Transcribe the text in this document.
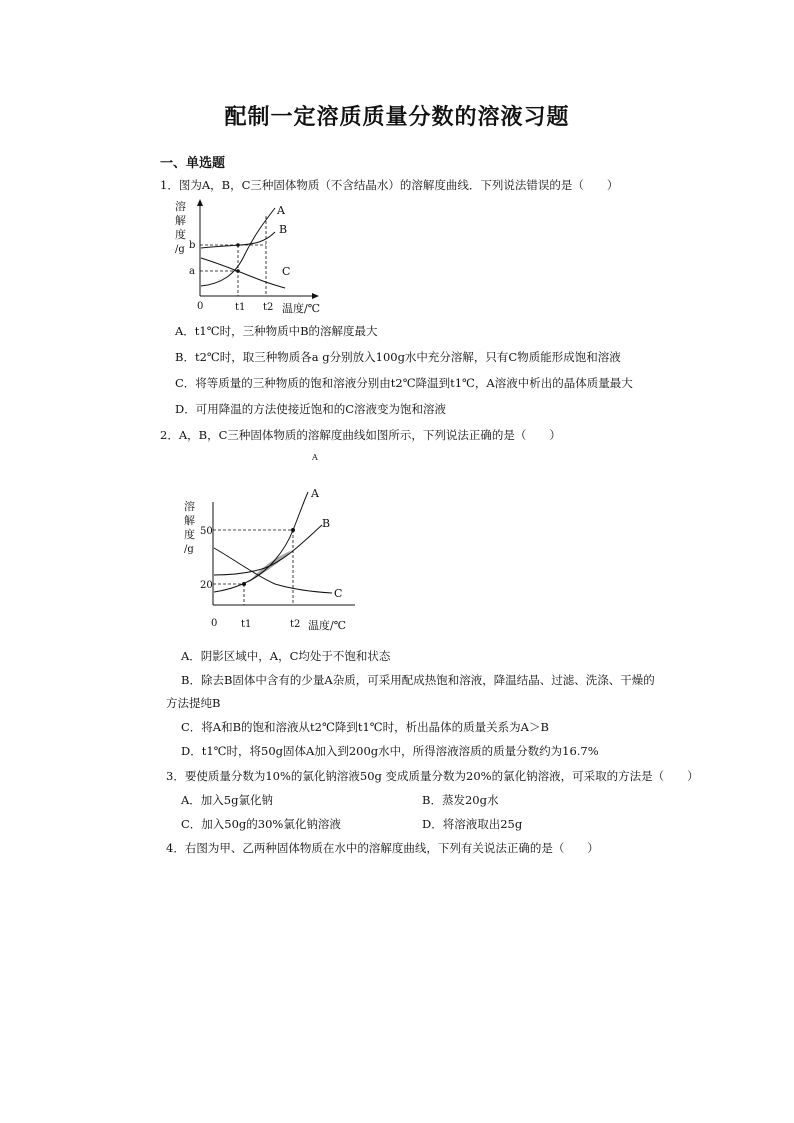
配制一定溶质质量分数的溶液习题
一、单选题
1．图为A，B，C三种固体物质（不含结晶水）的溶解度曲线．下列说法错误的是（　　）
溶
解
度
/g
A
B
C
b
a
0	t1 t2 温度/℃
A．t1℃时，三种物质中B的溶解度最大
B．t2℃时，取三种物质各a g分别放入100g水中充分溶解，只有C物质能形成饱和溶液
C．将等质量的三种物质的饱和溶液分别由t2℃降温到t1℃，A溶液中析出的晶体质量最大
D．可用降温的方法使接近饱和的C溶液变为饱和溶液
2．A，B，C三种固体物质的溶解度曲线如图所示，下列说法正确的是（　　）
A
溶
解
度
/g
A
B
C
50
20
0 t1	t2 温度/℃
A．阴影区域中，A，C均处于不饱和状态
B．除去B固体中含有的少量A杂质，可采用配成热饱和溶液，降温结晶、过滤、洗涤、干燥的
方法提纯B
C．将A和B的饱和溶液从t2℃降到t1℃时，析出晶体的质量关系为A＞B
D．t1℃时，将50g固体A加入到200g水中，所得溶液溶质的质量分数约为16.7%
3．要使质量分数为10%的氯化钠溶液50g 变成质量分数为20%的氯化钠溶液，可采取的方法是（　　）
A．加入5g氯化钠	B．蒸发20g水
C．加入50g的30%氯化钠溶液	D．将溶液取出25g
4．右图为甲、乙两种固体物质在水中的溶解度曲线，下列有关说法正确的是（　　）
